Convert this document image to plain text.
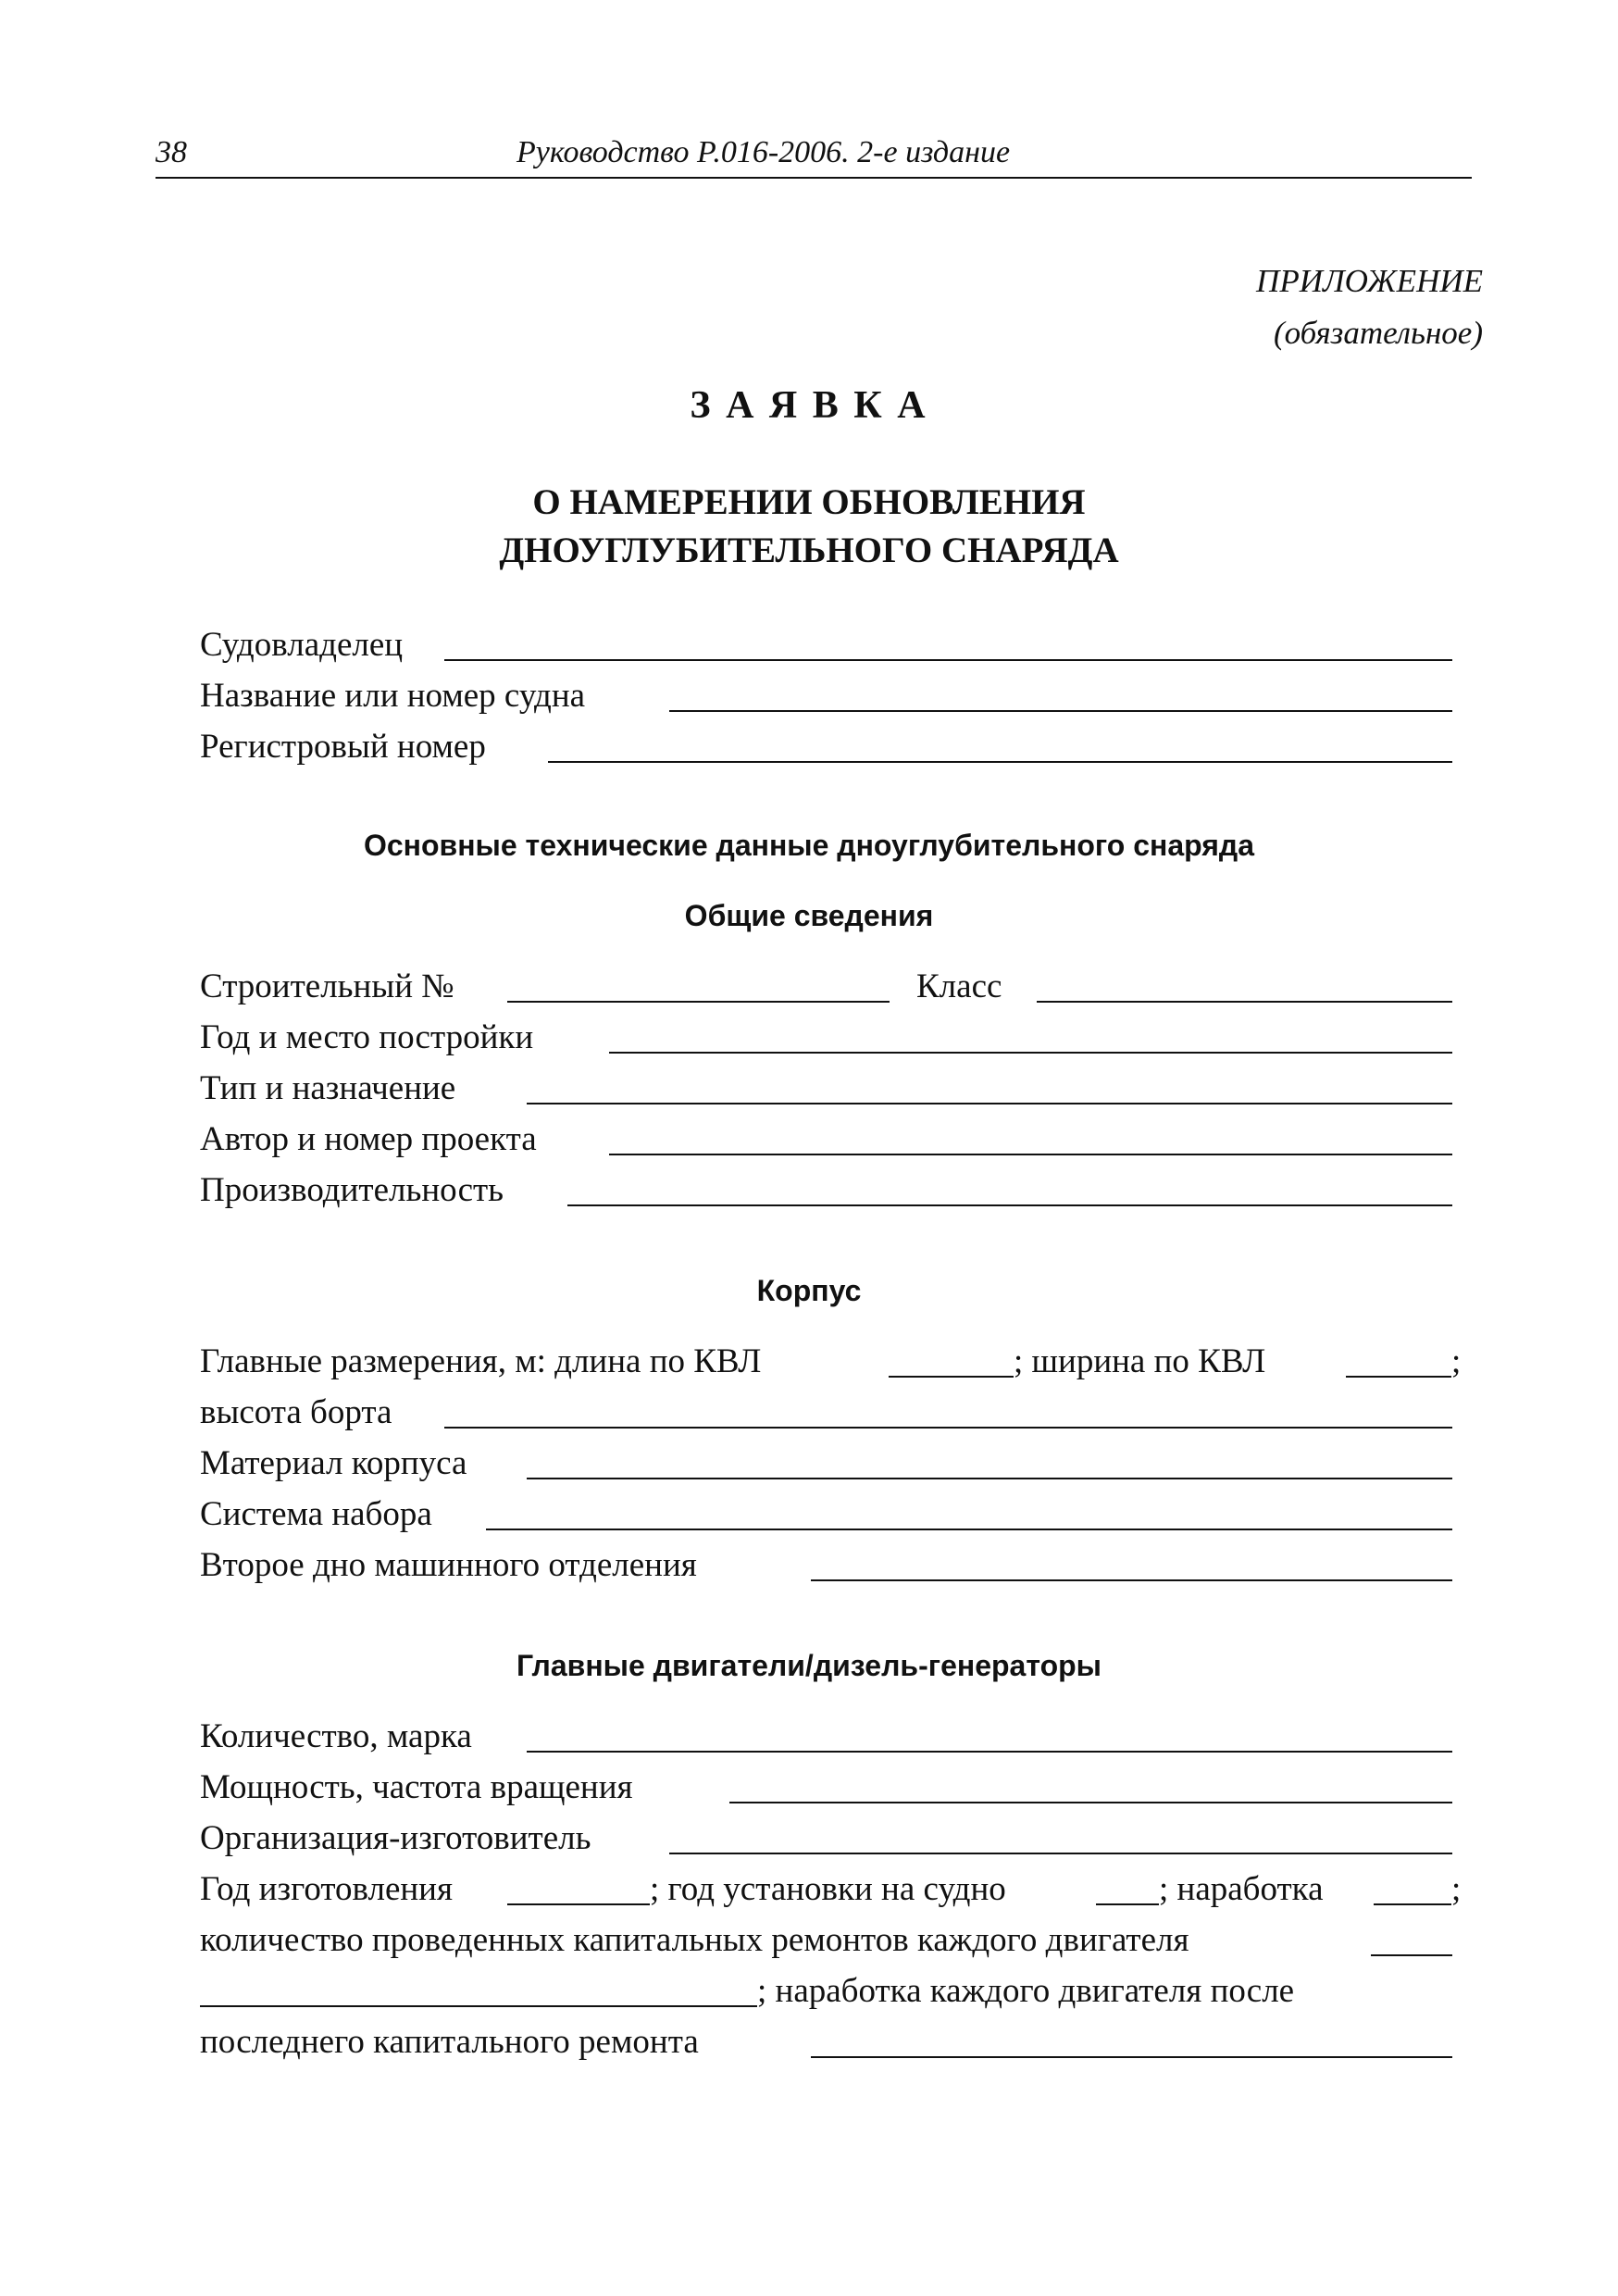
38	Руководство Р.016-2006. 2-е издание
ПРИЛОЖЕНИЕ
(обязательное)
З А Я В К А
О НАМЕРЕНИИ ОБНОВЛЕНИЯ
ДНОУГЛУБИТЕЛЬНОГО СНАРЯДА
Судовладелец
Название или номер судна
Регистровый номер
Основные технические данные дноуглубительного снаряда
Общие сведения
Строительный №	Класс
Год и место постройки
Тип и назначение
Автор и номер проекта
Производительность
Корпус
Главные размерения, м: длина по КВЛ	; ширина по КВЛ	;
высота борта
Материал корпуса
Система набора
Второе дно машинного отделения
Главные двигатели/дизель-генераторы
Количество, марка
Мощность, частота вращения
Организация-изготовитель
Год изготовления	; год установки на судно	; наработка	;
количество проведенных капитальных ремонтов каждого двигателя
; наработка каждого двигателя после
последнего капитального ремонта
